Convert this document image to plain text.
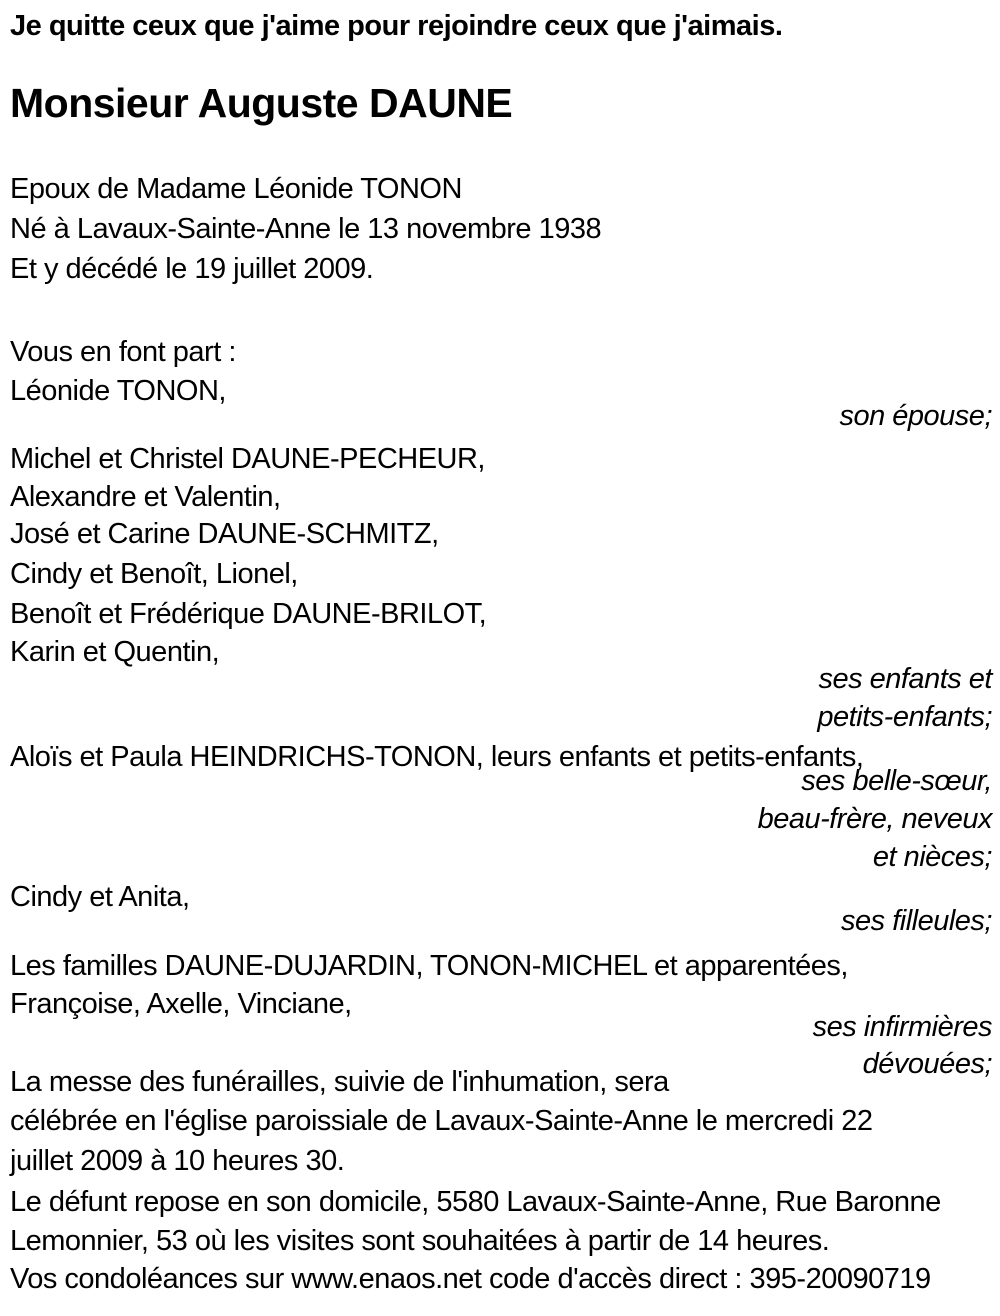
Je quitte ceux que j'aime pour rejoindre ceux que j'aimais.
Monsieur Auguste DAUNE
Epoux de Madame Léonide TONON
Né à Lavaux-Sainte-Anne le 13 novembre 1938
Et y décédé le 19 juillet 2009.
Vous en font part :
Léonide TONON,
son épouse;
Michel et Christel DAUNE-PECHEUR,
Alexandre et Valentin,
José et Carine DAUNE-SCHMITZ,
Cindy et Benoît, Lionel,
Benoît et Frédérique DAUNE-BRILOT,
Karin et Quentin,
ses enfants et
petits-enfants;
Aloïs et Paula HEINDRICHS-TONON, leurs enfants et petits-enfants,
ses belle-sœur,
beau-frère, neveux
et nièces;
Cindy et Anita,
ses filleules;
Les familles DAUNE-DUJARDIN, TONON-MICHEL et apparentées,
Françoise, Axelle, Vinciane,
ses infirmières
dévouées;
La messe des funérailles, suivie de l'inhumation, sera
célébrée en l'église paroissiale de Lavaux-Sainte-Anne le mercredi 22
juillet 2009 à 10 heures 30.
Le défunt repose en son domicile, 5580 Lavaux-Sainte-Anne, Rue Baronne
Lemonnier, 53 où les visites sont souhaitées à partir de 14 heures.
Vos condoléances sur www.enaos.net code d'accès direct : 395-20090719
